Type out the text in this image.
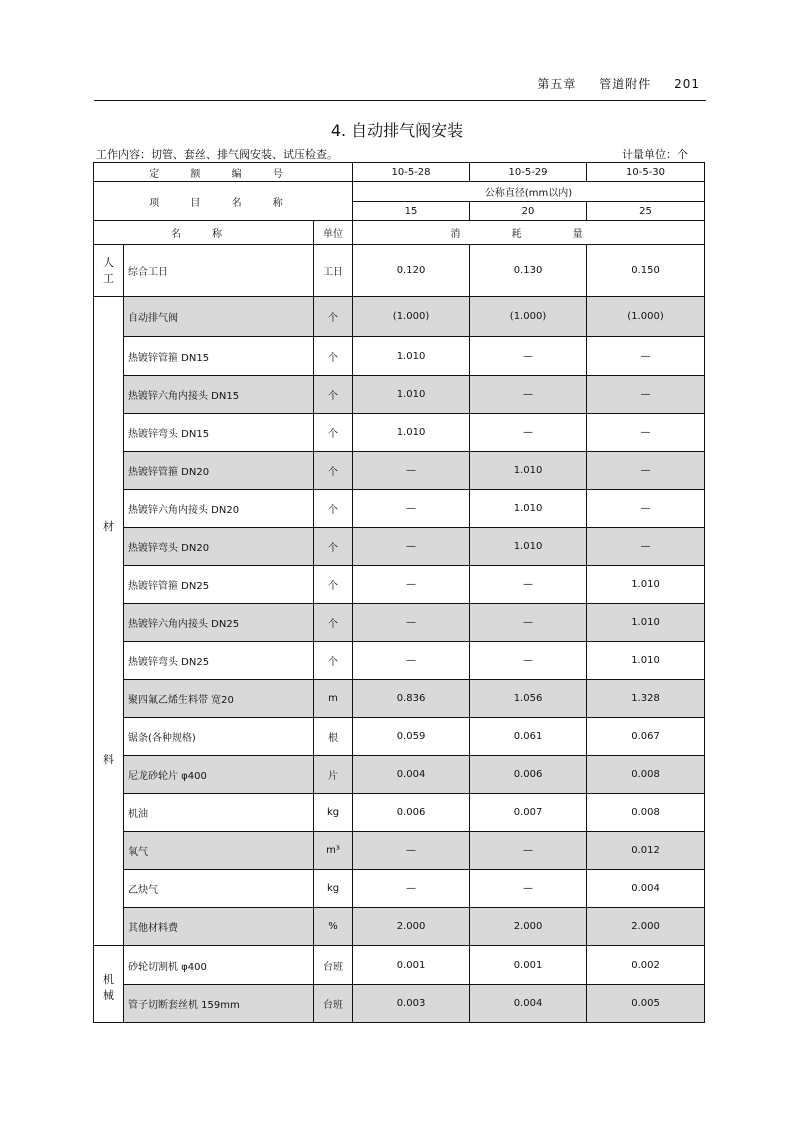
第五章 管道附件 201
4. 自动排气阀安装
工作内容：切管、套丝、排气阀安装、试压检查。	计量单位：个
定 额 编 号			10-5-28	10-5-29	10-5-30
项 目 名 称			公称直径(mm以内)		
			15	20	25
名 称		单位	消 耗 量		

人
工	综合工日	工日	0.120	0.130	0.150

材
料	自动排气阀	个	(1.000)	(1.000)	(1.000)
	热镀锌管箍 DN15	个	1.010	—	—
	热镀锌六角内接头 DN15	个	1.010	—	—
	热镀锌弯头 DN15	个	1.010	—	—
	热镀锌管箍 DN20	个	—	1.010	—
	热镀锌六角内接头 DN20	个	—	1.010	—
	热镀锌弯头 DN20	个	—	1.010	—
	热镀锌管箍 DN25	个	—	—	1.010
	热镀锌六角内接头 DN25	个	—	—	1.010
	热镀锌弯头 DN25	个	—	—	1.010
	聚四氟乙烯生料带 宽20	m	0.836	1.056	1.328
	锯条(各种规格)	根	0.059	0.061	0.067
	尼龙砂轮片 φ400	片	0.004	0.006	0.008
	机油	kg	0.006	0.007	0.008
	氧气	m³	—	—	0.012
	乙炔气	kg	—	—	0.004
	其他材料费	%	2.000	2.000	2.000

机
械	砂轮切割机 φ400	台班	0.001	0.001	0.002
	管子切断套丝机 159mm	台班	0.003	0.004	0.005
